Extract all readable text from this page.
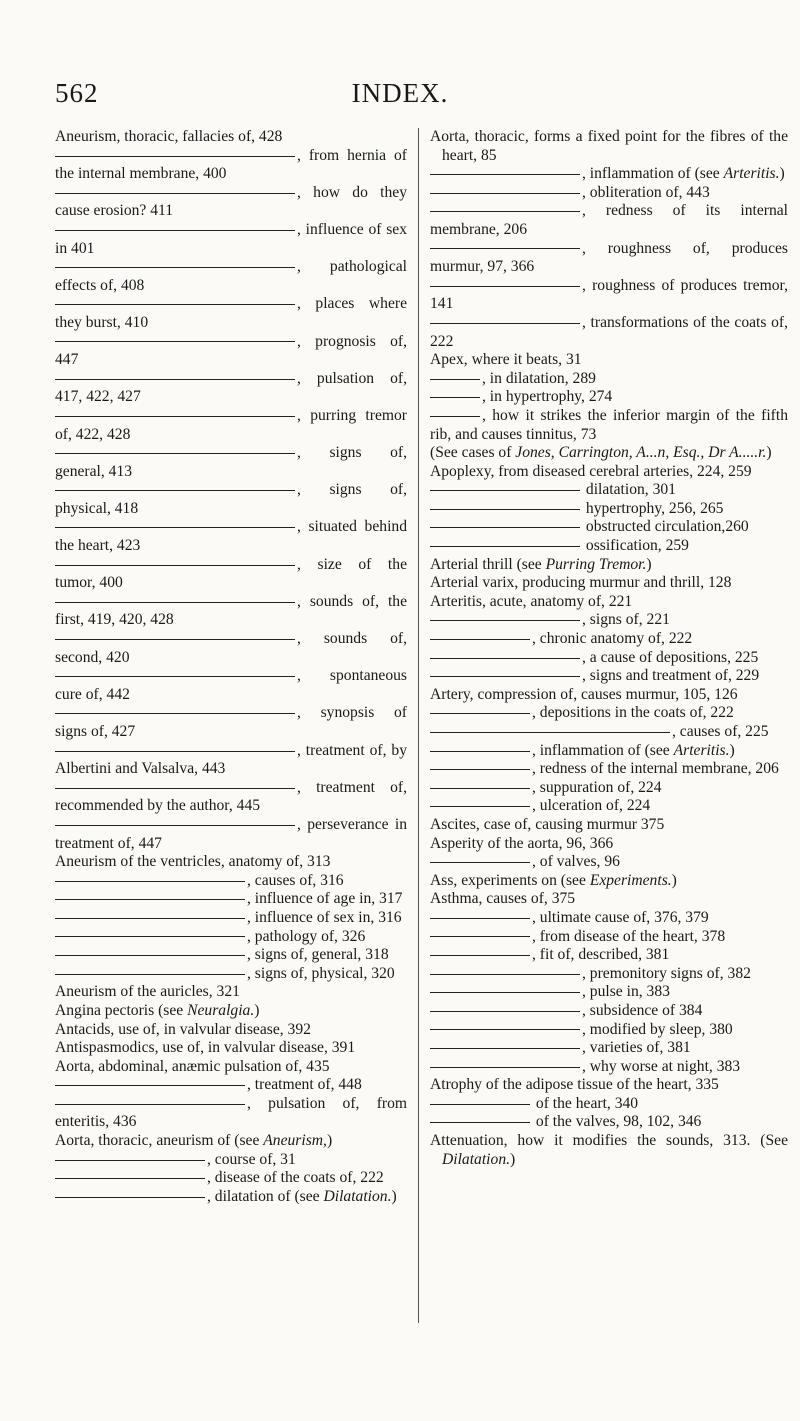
562	INDEX.

Aneurism, thoracic, fallacies of, 428

, from hernia of the internal membrane, 400

, how do they cause erosion? 411

, influence of sex in 401

, pathological effects of, 408

, places where they burst, 410

, prognosis of, 447

, pulsation of, 417, 422, 427

, purring tremor of, 422, 428

, signs of, general, 413

, signs of, physical, 418

, situated behind the heart, 423

, size of the tumor, 400

, sounds of, the first, 419, 420, 428

, sounds of, second, 420

, spontaneous cure of, 442

, synopsis of signs of, 427

, treatment of, by Albertini and Valsalva, 443

, treatment of, recommended by the author, 445

, perseverance in treatment of, 447

Aneurism of the ventricles, anatomy of, 313

, causes of, 316

, influence of age in, 317

, influence of sex in, 316

, pathology of, 326

, signs of, general, 318

, signs of, physical, 320

Aneurism of the auricles, 321

Angina pectoris (see Neuralgia.)

Antacids, use of, in valvular disease, 392

Antispasmodics, use of, in valvular disease, 391

Aorta, abdominal, anæmic pulsation of, 435

, treatment of, 448

, pulsation of, from enteritis, 436

Aorta, thoracic, aneurism of (see Aneurism,)

, course of, 31

, disease of the coats of, 222

, dilatation of (see Dilatation.)

Aorta, thoracic, forms a fixed point for the fibres of the heart, 85

, inflammation of (see Arteritis.)

, obliteration of, 443

, redness of its internal membrane, 206

, roughness of, produces murmur, 97, 366

, roughness of produces tremor, 141

, transformations of the coats of, 222

Apex, where it beats, 31

, in dilatation, 289

, in hypertrophy, 274

, how it strikes the inferior margin of the fifth rib, and causes tinnitus, 73

(See cases of Jones, Carrington, A...n, Esq., Dr A.....r.)

Apoplexy, from diseased cerebral arteries, 224, 259

dilatation, 301

hypertrophy, 256, 265

obstructed circulation,260

ossification, 259

Arterial thrill (see Purring Tremor.)

Arterial varix, producing murmur and thrill, 128

Arteritis, acute, anatomy of, 221

, signs of, 221

, chronic anatomy of, 222

, a cause of depositions, 225

, signs and treatment of, 229

Artery, compression of, causes murmur, 105, 126

, depositions in the coats of, 222

, causes of, 225

, inflammation of (see Arteritis.)

, redness of the internal membrane, 206

, suppuration of, 224

, ulceration of, 224

Ascites, case of, causing murmur 375

Asperity of the aorta, 96, 366

, of valves, 96

Ass, experiments on (see Experiments.)

Asthma, causes of, 375

, ultimate cause of, 376, 379

, from disease of the heart, 378

, fit of, described, 381

, premonitory signs of, 382

, pulse in, 383

, subsidence of 384

, modified by sleep, 380

, varieties of, 381

, why worse at night, 383

Atrophy of the adipose tissue of the heart, 335

of the heart, 340

of the valves, 98, 102, 346

Attenuation, how it modifies the sounds, 313. (See Dilatation.)
